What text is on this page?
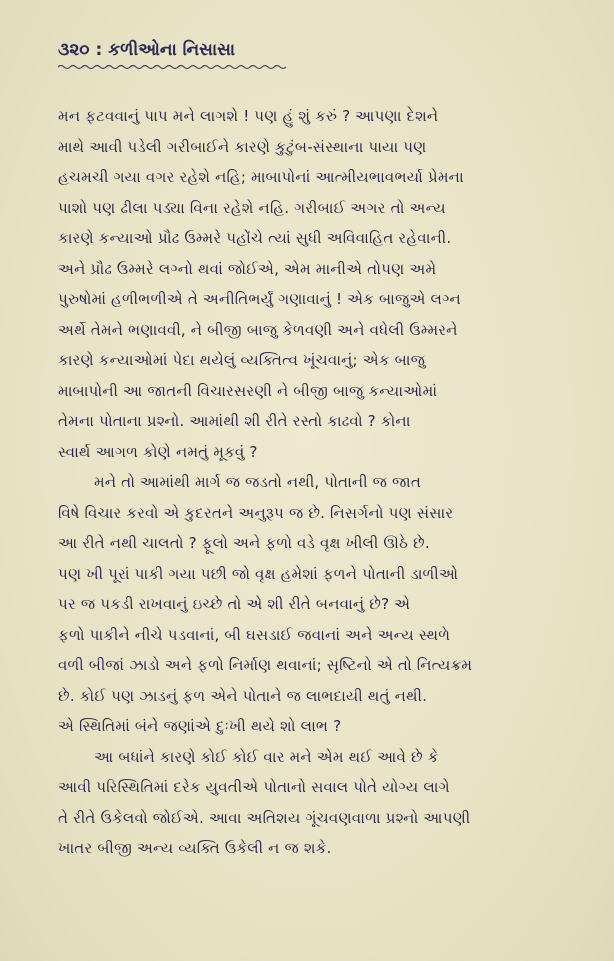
૩૨૦ : કળીઓના નિસાસા
મન ફટવવાનું પાપ મને લાગશે ! પણ હું શું કરું ? આપણા દેશને
માથે આવી પડેલી ગરીબાઈને કારણે કુટુંબ-સંસ્થાના પાયા પણ
હચમચી ગયા વગર રહેશે નહિ; માબાપોનાં આત્મીયભાવભર્યા પ્રેમના
પાશો પણ ઢીલા પડ્યા વિના રહેશે નહિ. ગરીબાઈ અગર તો અન્ય
કારણે કન્યાઓ પ્રૌઢ ઉમ્મરે પહોંચે ત્યાં સુધી અવિવાહિત રહેવાની.
અને પ્રૌઢ ઉમ્મરે લગ્નો થવાં જોઈએ, એમ માનીએ તોપણ અમે
પુરુષોમાં હળીભળીએ તે અનીતિભર્યું ગણાવાનું ! એક બાજુએ લગ્ન
અર્થે તેમને ભણાવવી, ને બીજી બાજુ કેળવણી અને વધેલી ઉમ્મરને
કારણે કન્યાઓમાં પેદા થયેલું વ્યક્તિત્વ ખૂંચવાનું; એક બાજુ
માબાપોની આ જાતની વિચારસરણી ને બીજી બાજુ કન્યાઓમાં
તેમના પોતાના પ્રશ્નો. આમાંથી શી રીતે રસ્તો કાઢવો ? કોના
સ્વાર્થ આગળ કોણે નમતું મૂકવું ?
મને તો આમાંથી માર્ગ જ જડતો નથી, પોતાની જ જાત
વિષે વિચાર કરવો એ કુદરતને અનુરૂપ જ છે. નિસર્ગનો પણ સંસાર
આ રીતે નથી ચાલતો ? ફૂલો અને ફળો વડે વૃક્ષ ખીલી ઊઠે છે.
પણ ખી પૂરાં પાકી ગયા પછી જો વૃક્ષ હમેશાં ફળને પોતાની ડાળીઓ
પર જ પકડી રાખવાનું ઇચ્છે તો એ શી રીતે બનવાનું છે? એ
ફળો પાકીને નીચે પડવાનાં, બી ઘસડાઈ જવાનાં અને અન્ય સ્થળે
વળી બીજાં ઝાડો અને ફળો નિર્માણ થવાનાં; સૃષ્ટિનો એ તો નિત્યક્રમ
છે. કોઈ પણ ઝાડનું ફળ એને પોતાને જ લાભદાયી થતું નથી.
એ સ્થિતિમાં બંને જણાંએ દુઃખી થયે શો લાભ ?
આ બધાંને કારણે કોઈ કોઈ વાર મને એમ થઈ આવે છે કે
આવી પરિસ્થિતિમાં દરેક યુવતીએ પોતાનો સવાલ પોતે યોગ્ય લાગે
તે રીતે ઉકેલવો જોઈએ. આવા અતિશય ગૂંચવણવાળા પ્રશ્નો આપણી
ખાતર બીજી અન્ય વ્યક્તિ ઉકેલી ન જ શકે.
